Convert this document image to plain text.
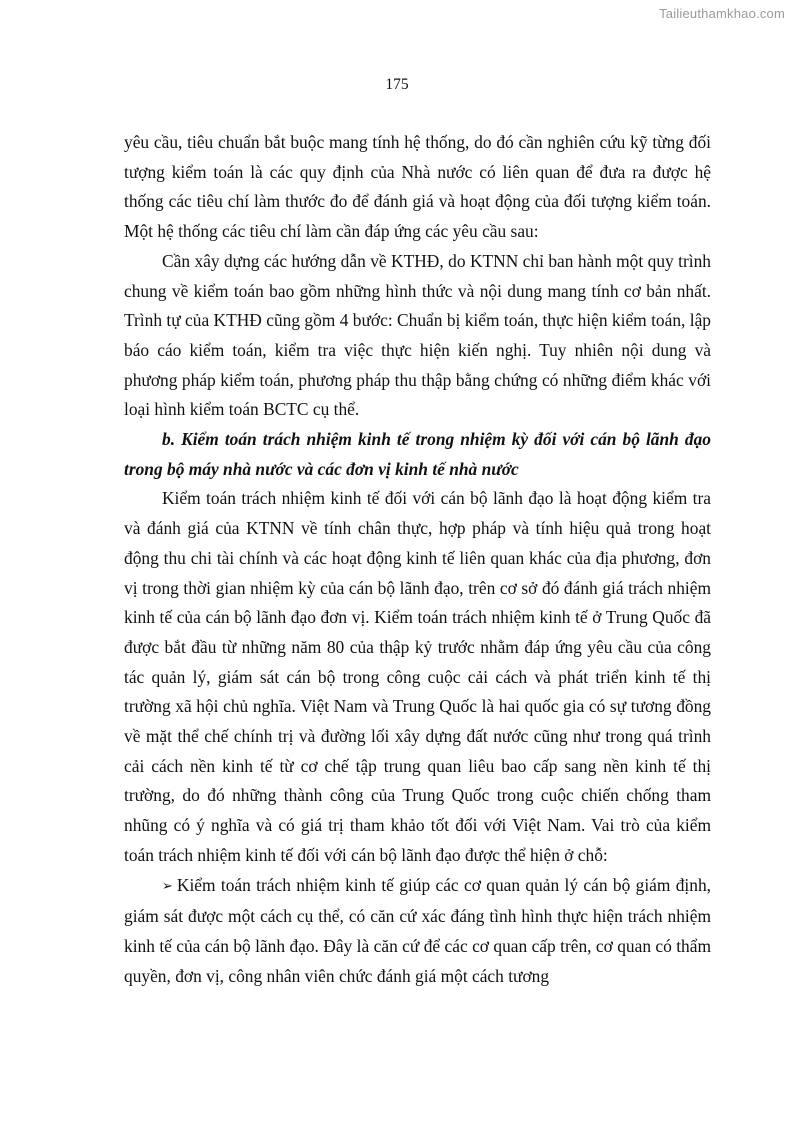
Tailieuthamkhao.com
175

yêu cầu, tiêu chuẩn bắt buộc mang tính hệ thống, do đó cần nghiên cứu kỹ từng đối tượng kiểm toán là các quy định của Nhà nước có liên quan để đưa ra được hệ thống các tiêu chí làm thước đo để đánh giá và hoạt động của đối tượng kiểm toán. Một hệ thống các tiêu chí làm cần đáp ứng các yêu cầu sau:

Cần xây dựng các hướng dẫn về KTHĐ, do KTNN chỉ ban hành một quy trình chung về kiểm toán bao gồm những hình thức và nội dung mang tính cơ bản nhất. Trình tự của KTHĐ cũng gồm 4 bước: Chuẩn bị kiểm toán, thực hiện kiểm toán, lập báo cáo kiểm toán, kiểm tra việc thực hiện kiến nghị. Tuy nhiên nội dung và phương pháp kiểm toán, phương pháp thu thập bằng chứng có những điểm khác với loại hình kiểm toán BCTC cụ thể.

b. Kiểm toán trách nhiệm kinh tế trong nhiệm kỳ đối với cán bộ lãnh đạo trong bộ máy nhà nước và các đơn vị kinh tế nhà nước

Kiểm toán trách nhiệm kinh tế đối với cán bộ lãnh đạo là hoạt động kiểm tra và đánh giá của KTNN về tính chân thực, hợp pháp và tính hiệu quả trong hoạt động thu chi tài chính và các hoạt động kinh tế liên quan khác của địa phương, đơn vị trong thời gian nhiệm kỳ của cán bộ lãnh đạo, trên cơ sở đó đánh giá trách nhiệm kinh tế của cán bộ lãnh đạo đơn vị. Kiểm toán trách nhiệm kinh tế ở Trung Quốc đã được bắt đầu từ những năm 80 của thập kỷ trước nhằm đáp ứng yêu cầu của công tác quản lý, giám sát cán bộ trong công cuộc cải cách và phát triển kinh tế thị trường xã hội chủ nghĩa. Việt Nam và Trung Quốc là hai quốc gia có sự tương đồng về mặt thể chế chính trị và đường lối xây dựng đất nước cũng như trong quá trình cải cách nền kinh tế từ cơ chế tập trung quan liêu bao cấp sang nền kinh tế thị trường, do đó những thành công của Trung Quốc trong cuộc chiến chống tham nhũng có ý nghĩa và có giá trị tham khảo tốt đối với Việt Nam. Vai trò của kiểm toán trách nhiệm kinh tế đối với cán bộ lãnh đạo được thể hiện ở chỗ:

➢ Kiểm toán trách nhiệm kinh tế giúp các cơ quan quản lý cán bộ giám định, giám sát được một cách cụ thể, có căn cứ xác đáng tình hình thực hiện trách nhiệm kinh tế của cán bộ lãnh đạo. Đây là căn cứ để các cơ quan cấp trên, cơ quan có thẩm quyền, đơn vị, công nhân viên chức đánh giá một cách tương
